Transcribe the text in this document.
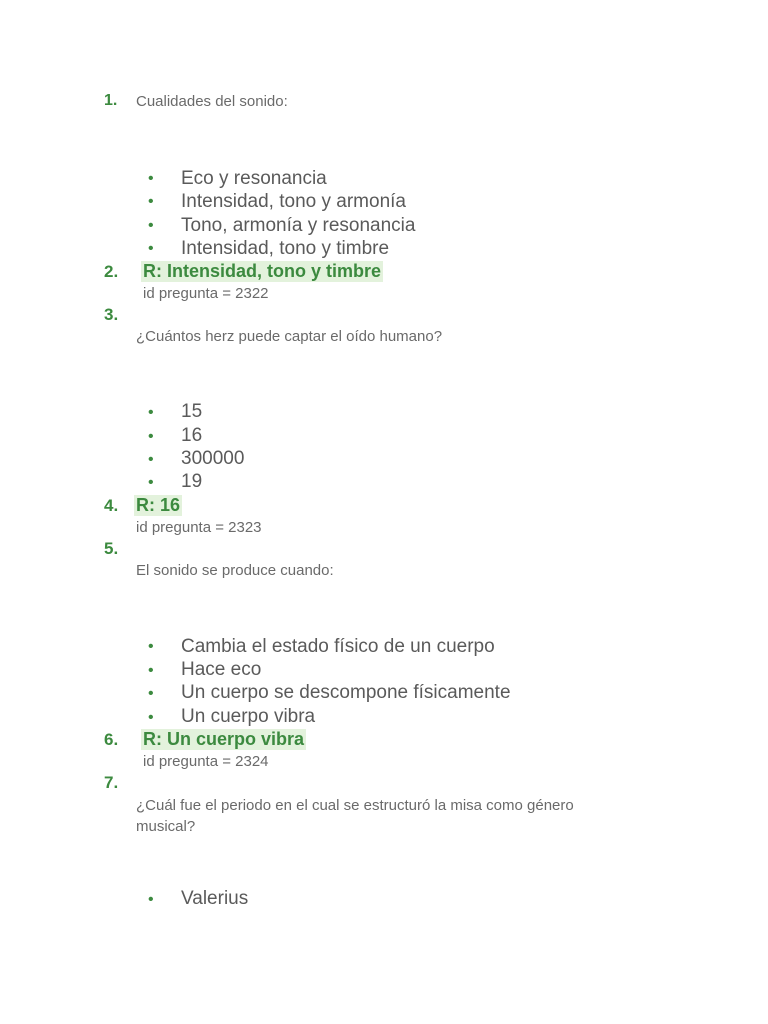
1. Cualidades del sonido:
• Eco y resonancia
• Intensidad, tono y armonía
• Tono, armonía y resonancia
• Intensidad, tono y timbre
2. R: Intensidad, tono y timbre
id pregunta = 2322
3.
¿Cuántos herz puede captar el oído humano?
• 15
• 16
• 300000
• 19
4. R: 16
id pregunta = 2323
5.
El sonido se produce cuando:
• Cambia el estado físico de un cuerpo
• Hace eco
• Un cuerpo se descompone físicamente
• Un cuerpo vibra
6. R: Un cuerpo vibra
id pregunta = 2324
7.
¿Cuál fue el periodo en el cual se estructuró la misa como género musical?
• Valerius
